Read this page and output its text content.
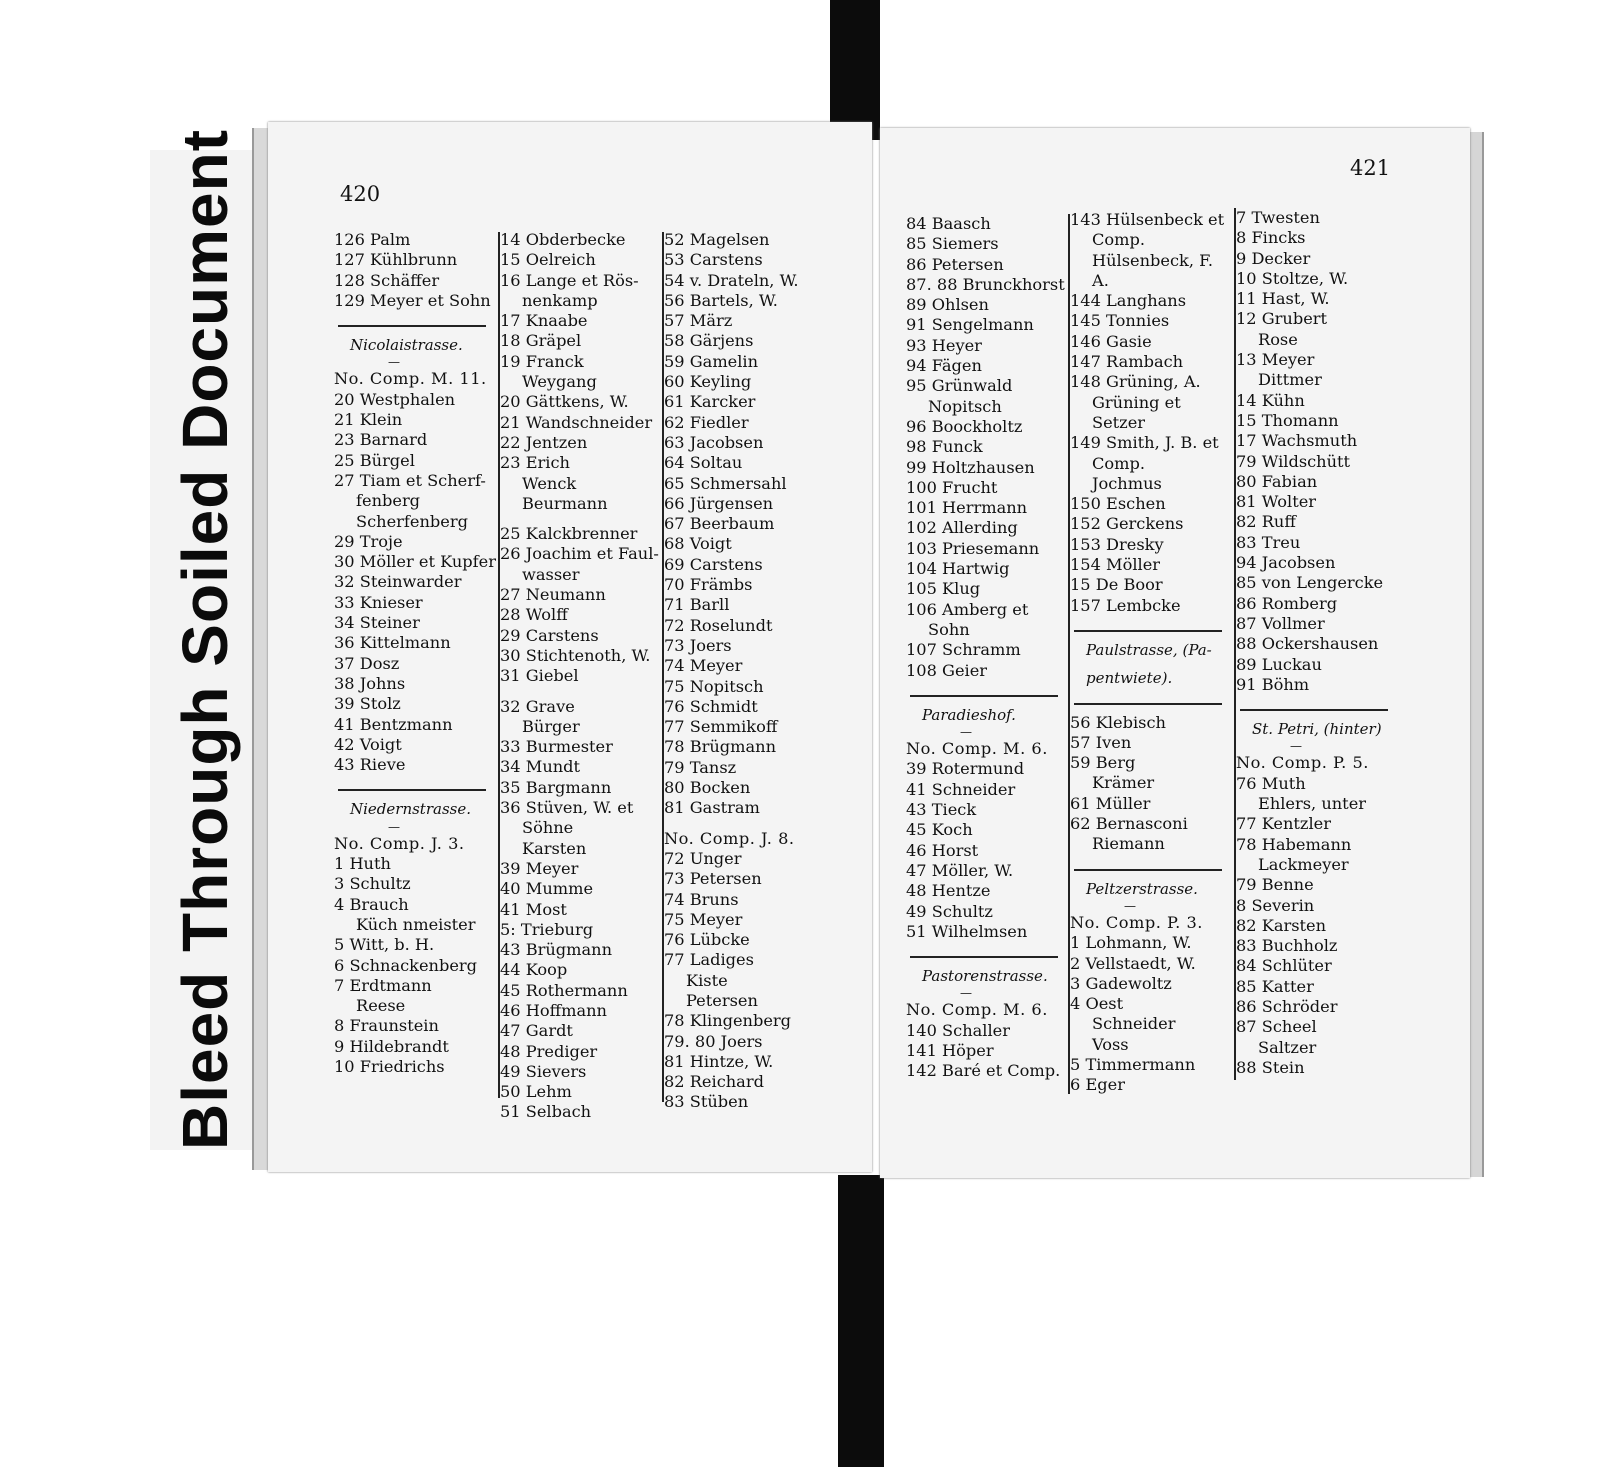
Bleed Through Soiled Document	420
126 Palm
127 Kühlbrunn
128 Schäffer
129 Meyer et Sohn
Nicolaistrasse.
—
No. Comp. M. 11.
20 Westphalen
21 Klein
23 Barnard
25 Bürgel
27 Tiam et Scherf-
fenberg
Scherfenberg
29 Troje
30 Möller et Kupfer
32 Steinwarder
33 Knieser
34 Steiner
36 Kittelmann
37 Dosz
38 Johns
39 Stolz
41 Bentzmann
42 Voigt
43 Rieve
Niedernstrasse.
—
No. Comp. J. 3.
1 Huth
3 Schultz
4 Brauch
Küch nmeister
5 Witt, b. H.
6 Schnackenberg
7 Erdtmann
Reese
8 Fraunstein
9 Hildebrandt
10 Friedrichs
14 Obderbecke
15 Oelreich
16 Lange et Rös-
nenkamp
17 Knaabe
18 Gräpel
19 Franck
Weygang
20 Gättkens, W.
21 Wandschneider
22 Jentzen
23 Erich
Wenck
Beurmann
25 Kalckbrenner
26 Joachim et Faul-
wasser
27 Neumann
28 Wolff
29 Carstens
30 Stichtenoth, W.
31 Giebel
32 Grave
Bürger
33 Burmester
34 Mundt
35 Bargmann
36 Stüven, W. et
Söhne
Karsten
39 Meyer
40 Mumme
41 Most
5: Trieburg
43 Brügmann
44 Koop
45 Rothermann
46 Hoffmann
47 Gardt
48 Prediger
49 Sievers
50 Lehm
51 Selbach
52 Magelsen
53 Carstens
54 v. Drateln, W.
56 Bartels, W.
57 März
58 Gärjens
59 Gamelin
60 Keyling
61 Karcker
62 Fiedler
63 Jacobsen
64 Soltau
65 Schmersahl
66 Jürgensen
67 Beerbaum
68 Voigt
69 Carstens
70 Främbs
71 Barll
72 Roselundt
73 Joers
74 Meyer
75 Nopitsch
76 Schmidt
77 Semmikoff
78 Brügmann
79 Tansz
80 Bocken
81 Gastram
No. Comp. J. 8.
72 Unger
73 Petersen
74 Bruns
75 Meyer
76 Lübcke
77 Ladiges
Kiste
Petersen
78 Klingenberg
79. 80 Joers
81 Hintze, W.
82 Reichard
83 Stüben
421
84 Baasch
85 Siemers
86 Petersen
87. 88 Brunckhorst
89 Ohlsen
91 Sengelmann
93 Heyer
94 Fägen
95 Grünwald
Nopitsch
96 Boockholtz
98 Funck
99 Holtzhausen
100 Frucht
101 Herrmann
102 Allerding
103 Priesemann
104 Hartwig
105 Klug
106 Amberg et
Sohn
107 Schramm
108 Geier
Paradieshof.
—
No. Comp. M. 6.
39 Rotermund
41 Schneider
43 Tieck
45 Koch
46 Horst
47 Möller, W.
48 Hentze
49 Schultz
51 Wilhelmsen
Pastorenstrasse.
—
No. Comp. M. 6.
140 Schaller
141 Höper
142 Baré et Comp.
143 Hülsenbeck et
Comp.
Hülsenbeck, F.
A.
144 Langhans
145 Tonnies
146 Gasie
147 Rambach
148 Grüning, A.
Grüning et
Setzer
149 Smith, J. B. et
Comp.
Jochmus
150 Eschen
152 Gerckens
153 Dresky
154 Möller
15 De Boor
157 Lembcke
Paulstrasse, (Pa-
pentwiete).
56 Klebisch
57 Iven
59 Berg
Krämer
61 Müller
62 Bernasconi
Riemann
Peltzerstrasse.
—
No. Comp. P. 3.
1 Lohmann, W.
2 Vellstaedt, W.
3 Gadewoltz
4 Oest
Schneider
Voss
5 Timmermann
6 Eger
7 Twesten
8 Fincks
9 Decker
10 Stoltze, W.
11 Hast, W.
12 Grubert
Rose
13 Meyer
Dittmer
14 Kühn
15 Thomann
17 Wachsmuth
79 Wildschütt
80 Fabian
81 Wolter
82 Ruff
83 Treu
94 Jacobsen
85 von Lengercke
86 Romberg
87 Vollmer
88 Ockershausen
89 Luckau
91 Böhm
St. Petri, (hinter)
—
No. Comp. P. 5.
76 Muth
Ehlers, unter
77 Kentzler
78 Habemann
Lackmeyer
79 Benne
8 Severin
82 Karsten
83 Buchholz
84 Schlüter
85 Katter
86 Schröder
87 Scheel
Saltzer
88 Stein
